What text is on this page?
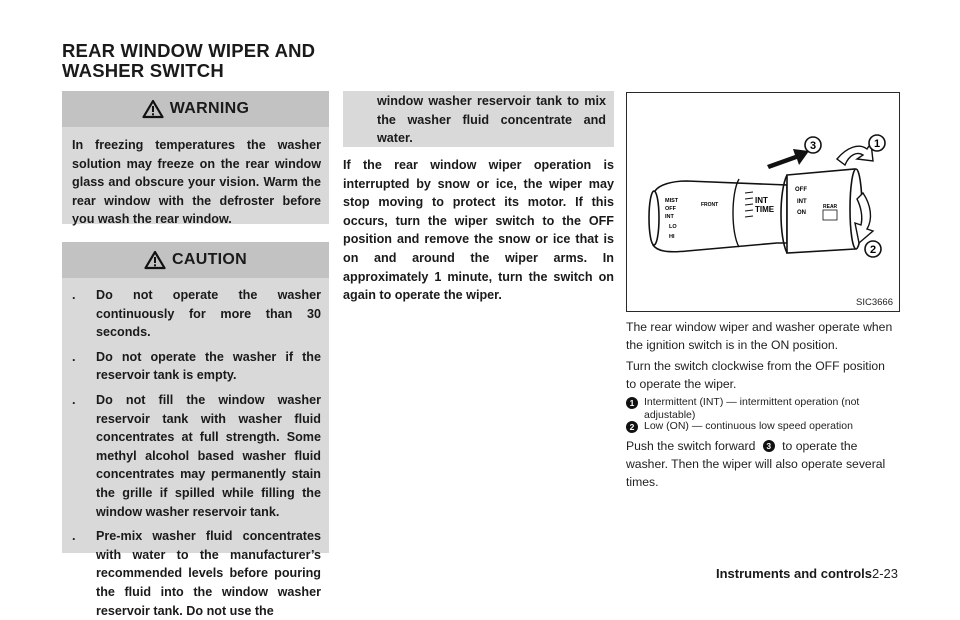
REAR WINDOW WIPER AND
WASHER SWITCH
WARNING
In freezing temperatures the washer solution may freeze on the rear window glass and obscure your vision. Warm the rear window with the defroster before you wash the rear window.
CAUTION
.	Do not operate the washer continuously for more than 30 seconds.
.	Do not operate the washer if the reservoir tank is empty.
.	Do not fill the window washer reservoir tank with washer fluid concentrates at full strength. Some methyl alcohol based washer fluid concentrates may permanently stain the grille if spilled while filling the window washer reservoir tank.
.	Pre-mix washer fluid concentrates with water to the manufacturer’s recommended levels before pouring the fluid into the window washer reservoir tank. Do not use the
window washer reservoir tank to mix the washer fluid concentrate and water.

If the rear window wiper operation is interrupted by snow or ice, the wiper may stop moving to protect its motor. If this occurs, turn the wiper switch to the OFF position and remove the snow or ice that is on and around the wiper arms. In approximately 1 minute, turn the switch on again to operate the wiper.

MIST
OFF
INT
LO
HI
FRONT	INT
TIME
OFF
INT
ON
REAR
1
2
3
SIC3666
The rear window wiper and washer operate when the ignition switch is in the ON position.
Turn the switch clockwise from the OFF position to operate the wiper.
1 Intermittent (INT) — intermittent operation (not adjustable)
2 Low (ON) — continuous low speed operation
Push the switch forward 3 to operate the washer. Then the wiper will also operate several times.
Instruments and controls 2-23
